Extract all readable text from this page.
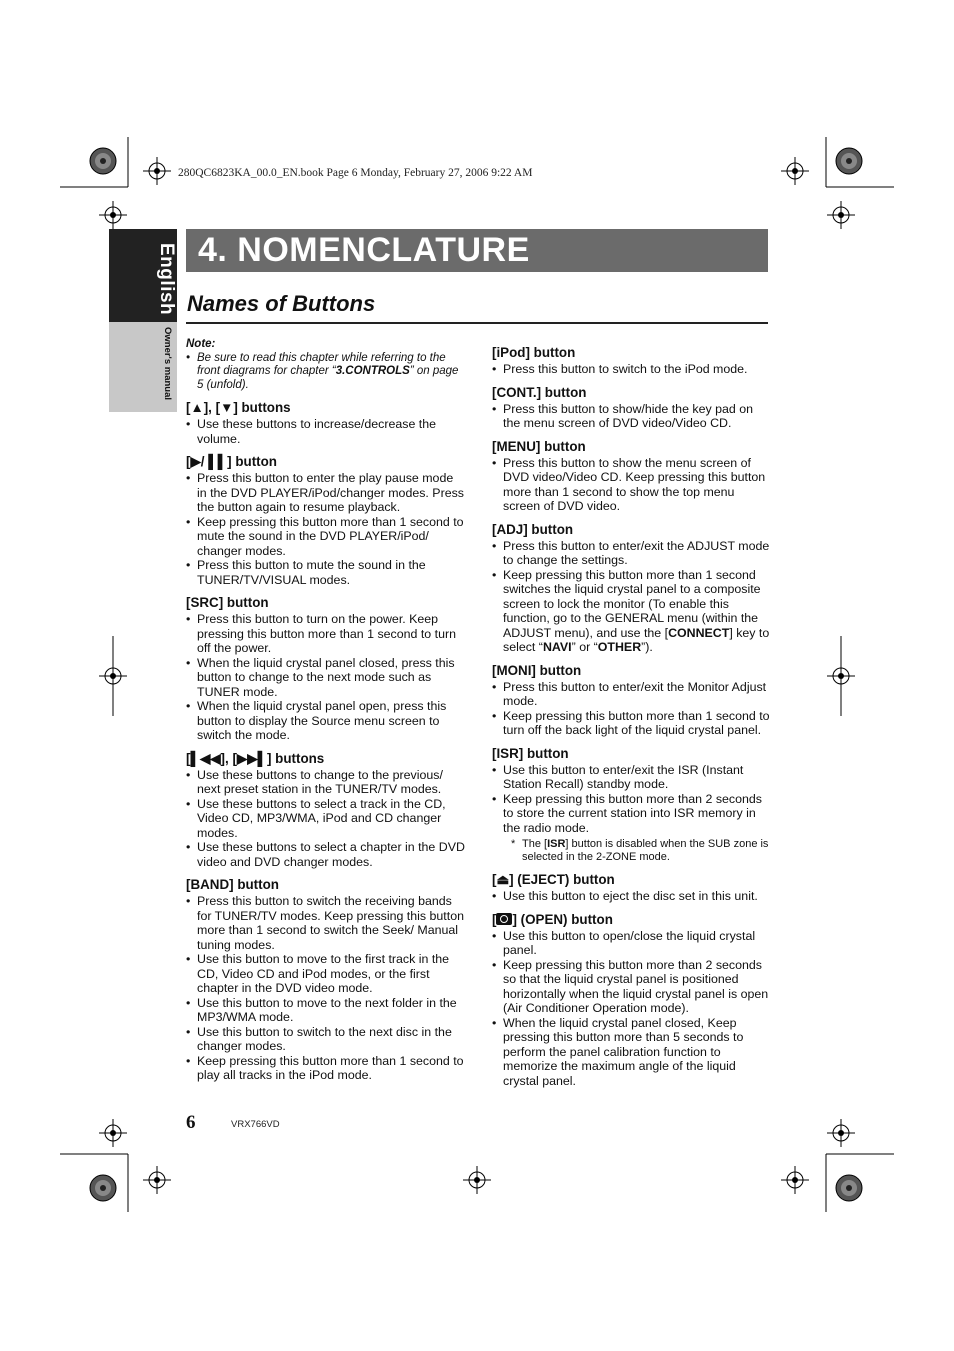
280QC6823KA_00.0_EN.book Page 6 Monday, February 27, 2006 9:22 AM
English
Owner's manual
4. NOMENCLATURE
Names of Buttons
Note:
• Be sure to read this chapter while referring to the front diagrams for chapter “3.CONTROLS” on page 5 (unfold).
[▲], [▼] buttons
• Use these buttons to increase/decrease the volume.
[▶/ ▌▌] button
• Press this button to enter the play pause mode in the DVD PLAYER/iPod/changer modes. Press the button again to resume playback.
• Keep pressing this button more than 1 second to mute the sound in the DVD PLAYER/iPod/ changer modes.
• Press this button to mute the sound in the TUNER/TV/VISUAL modes.
[SRC] button
• Press this button to turn on the power. Keep pressing this button more than 1 second to turn off the power.
• When the liquid crystal panel closed, press this button to change to the next mode such as TUNER mode.
• When the liquid crystal panel open, press this button to display the Source menu screen to switch the mode.
[▌◀◀], [▶▶▌] buttons
• Use these buttons to change to the previous/ next preset station in the TUNER/TV modes.
• Use these buttons to select a track in the CD, Video CD, MP3/WMA, iPod and CD changer modes.
• Use these buttons to select a chapter in the DVD video and DVD changer modes.
[BAND] button
• Press this button to switch the receiving bands for TUNER/TV modes. Keep pressing this button more than 1 second to switch the Seek/ Manual tuning modes.
• Use this button to move to the first track in the CD, Video CD and iPod modes, or the first chapter in the DVD video mode.
• Use this button to move to the next folder in the MP3/WMA mode.
• Use this button to switch to the next disc in the changer modes.
• Keep pressing this button more than 1 second to play all tracks in the iPod mode.
[iPod] button
• Press this button to switch to the iPod mode.
[CONT.] button
• Press this button to show/hide the key pad on the menu screen of DVD video/Video CD.
[MENU] button
• Press this button to show the menu screen of DVD video/Video CD. Keep pressing this button more than 1 second to show the top menu screen of DVD video.
[ADJ] button
• Press this button to enter/exit the ADJUST mode to change the settings.
• Keep pressing this button more than 1 second switches the liquid crystal panel to a composite screen to lock the monitor (To enable this function, go to the GENERAL menu (within the ADJUST menu), and use the [CONNECT] key to select “NAVI” or “OTHER”).
[MONI] button
• Press this button to enter/exit the Monitor Adjust mode.
• Keep pressing this button more than 1 second to turn off the back light of the liquid crystal panel.
[ISR] button
• Use this button to enter/exit the ISR (Instant Station Recall) standby mode.
• Keep pressing this button more than 2 seconds to store the current station into ISR memory in the radio mode.
* The [ISR] button is disabled when the SUB zone is selected in the 2-ZONE mode.
[⏏] (EJECT) button
• Use this button to eject the disc set in this unit.
[ ] (OPEN) button
• Use this button to open/close the liquid crystal panel.
• Keep pressing this button more than 2 seconds so that the liquid crystal panel is positioned horizontally when the liquid crystal panel is open (Air Conditioner Operation mode).
• When the liquid crystal panel closed, Keep pressing this button more than 5 seconds to perform the panel calibration function to memorize the maximum angle of the liquid crystal panel.
6	VRX766VD
